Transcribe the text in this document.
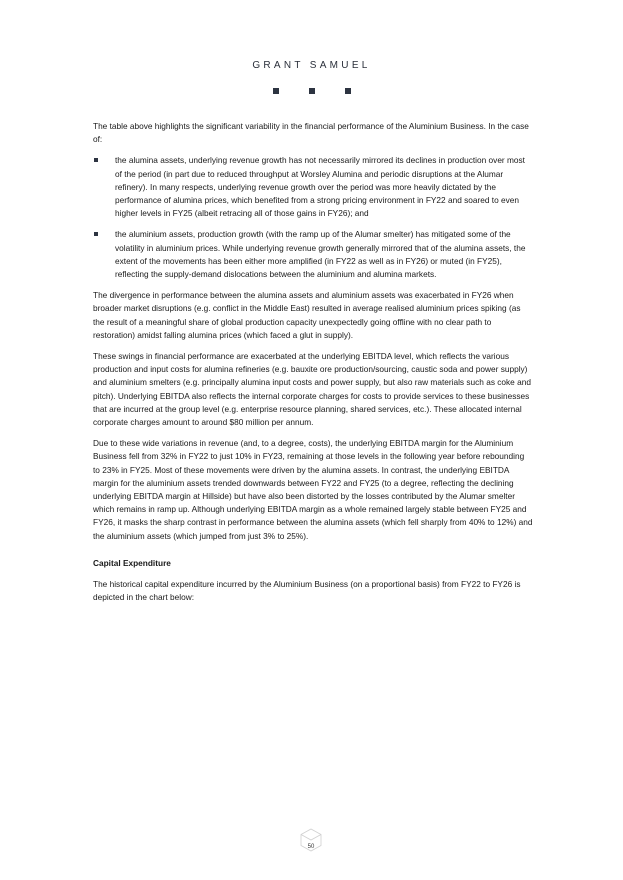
GRANT SAMUEL

The table above highlights the significant variability in the financial performance of the Aluminium Business. In the case of:

the alumina assets, underlying revenue growth has not necessarily mirrored its declines in production over most of the period (in part due to reduced throughput at Worsley Alumina and periodic disruptions at the Alumar refinery). In many respects, underlying revenue growth over the period was more heavily dictated by the performance of alumina prices, which benefited from a strong pricing environment in FY22 and soared to even higher levels in FY25 (albeit retracing all of those gains in FY26); and
the aluminium assets, production growth (with the ramp up of the Alumar smelter) has mitigated some of the volatility in aluminium prices. While underlying revenue growth generally mirrored that of the alumina assets, the extent of the movements has been either more amplified (in FY22 as well as in FY26) or muted (in FY25), reflecting the supply-demand dislocations between the aluminium and alumina markets.

The divergence in performance between the alumina assets and aluminium assets was exacerbated in FY26 when broader market disruptions (e.g. conflict in the Middle East) resulted in average realised aluminium prices spiking (as the result of a meaningful share of global production capacity unexpectedly going offline with no clear path to restoration) amidst falling alumina prices (which faced a glut in supply).

These swings in financial performance are exacerbated at the underlying EBITDA level, which reflects the various production and input costs for alumina refineries (e.g. bauxite ore production/sourcing, caustic soda and power supply) and aluminium smelters (e.g. principally alumina input costs and power supply, but also raw materials such as coke and pitch). Underlying EBITDA also reflects the internal corporate charges for costs to provide services to these businesses that are incurred at the group level (e.g. enterprise resource planning, shared services, etc.). These allocated internal corporate charges amount to around $80 million per annum.

Due to these wide variations in revenue (and, to a degree, costs), the underlying EBITDA margin for the Aluminium Business fell from 32% in FY22 to just 10% in FY23, remaining at those levels in the following year before rebounding to 23% in FY25. Most of these movements were driven by the alumina assets. In contrast, the underlying EBITDA margin for the aluminium assets trended downwards between FY22 and FY25 (to a degree, reflecting the declining underlying EBITDA margin at Hillside) but have also been distorted by the losses contributed by the Alumar smelter which remains in ramp up. Although underlying EBITDA margin as a whole remained largely stable between FY25 and FY26, it masks the sharp contrast in performance between the alumina assets (which fell sharply from 40% to 12%) and the aluminium assets (which jumped from just 3% to 25%).

Capital Expenditure

The historical capital expenditure incurred by the Aluminium Business (on a proportional basis) from FY22 to FY26 is depicted in the chart below:

50
